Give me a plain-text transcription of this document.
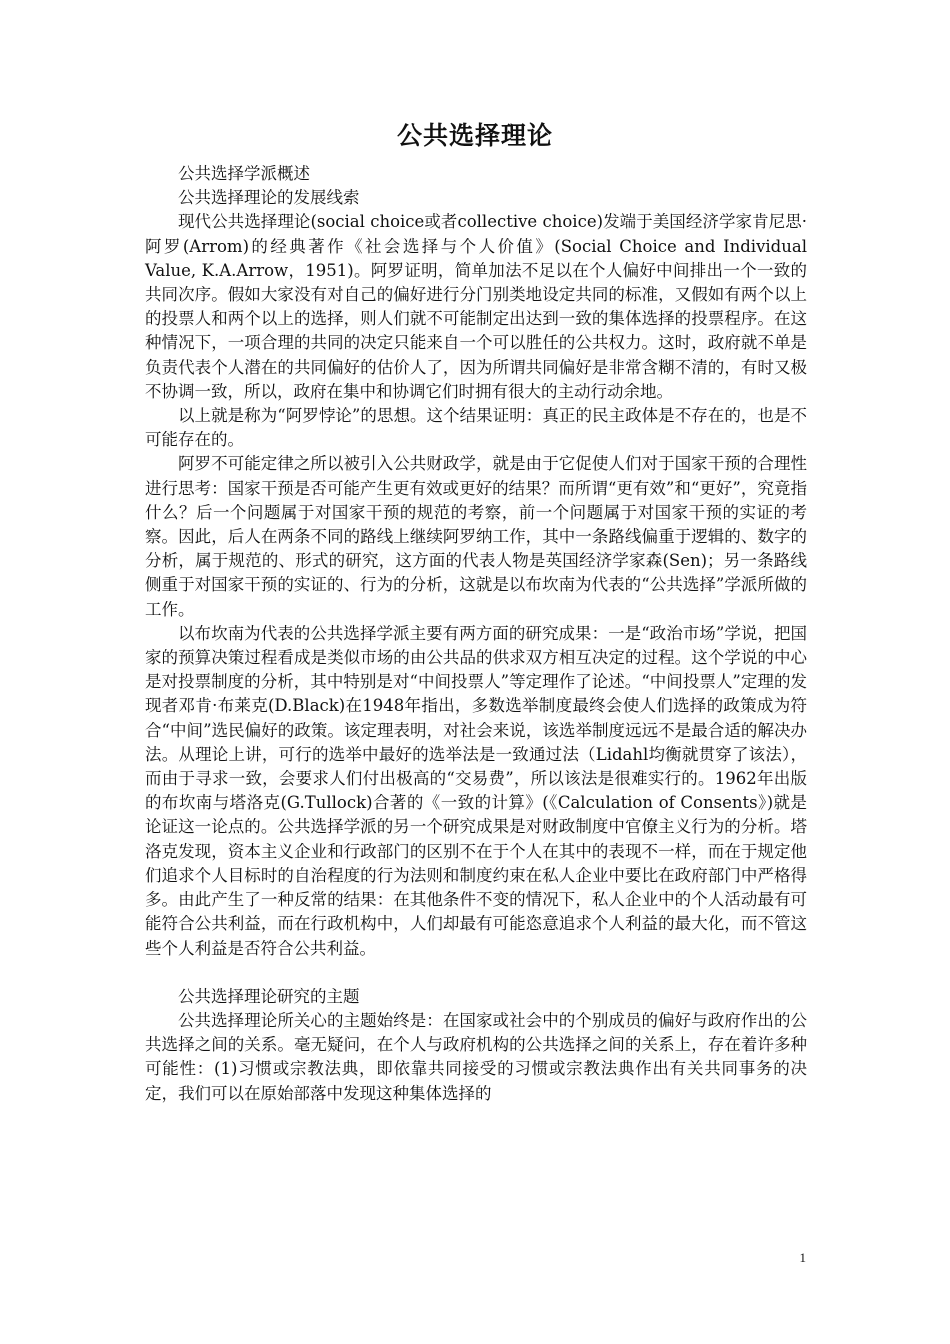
公共选择理论

公共选择学派概述

公共选择理论的发展线索

现代公共选择理论(social choice或者collective choice)发端于美国经济学家肯尼思·阿罗(Arrom)的经典著作《社会选择与个人价值》(Social Choice and Individual Value, K.A.Arrow，1951)。阿罗证明，简单加法不足以在个人偏好中间排出一个一致的共同次序。假如大家没有对自己的偏好进行分门别类地设定共同的标准，又假如有两个以上的投票人和两个以上的选择，则人们就不可能制定出达到一致的集体选择的投票程序。在这种情况下，一项合理的共同的决定只能来自一个可以胜任的公共权力。这时，政府就不单是负责代表个人潜在的共同偏好的估价人了，因为所谓共同偏好是非常含糊不清的，有时又极不协调一致，所以，政府在集中和协调它们时拥有很大的主动行动余地。

以上就是称为“阿罗悖论”的思想。这个结果证明：真正的民主政体是不存在的，也是不可能存在的。

阿罗不可能定律之所以被引入公共财政学，就是由于它促使人们对于国家干预的合理性进行思考：国家干预是否可能产生更有效或更好的结果？而所谓“更有效”和“更好”，究竟指什么？后一个问题属于对国家干预的规范的考察，前一个问题属于对国家干预的实证的考察。因此，后人在两条不同的路线上继续阿罗纳工作，其中一条路线偏重于逻辑的、数字的分析，属于规范的、形式的研究，这方面的代表人物是英国经济学家森(Sen)；另一条路线侧重于对国家干预的实证的、行为的分析，这就是以布坎南为代表的“公共选择”学派所做的工作。

以布坎南为代表的公共选择学派主要有两方面的研究成果：一是“政治市场”学说，把国家的预算决策过程看成是类似市场的由公共品的供求双方相互决定的过程。这个学说的中心是对投票制度的分析，其中特别是对“中间投票人”等定理作了论述。“中间投票人”定理的发现者邓肯·布莱克(D.Black)在1948年指出，多数选举制度最终会使人们选择的政策成为符合“中间”选民偏好的政策。该定理表明，对社会来说，该选举制度远远不是最合适的解决办法。从理论上讲，可行的选举中最好的选举法是一致通过法（Lidahl均衡就贯穿了该法），而由于寻求一致，会要求人们付出极高的“交易费”，所以该法是很难实行的。1962年出版的布坎南与塔洛克(G.Tullock)合著的《一致的计算》(《Calculation of Consents》)就是论证这一论点的。公共选择学派的另一个研究成果是对财政制度中官僚主义行为的分析。塔洛克发现，资本主义企业和行政部门的区别不在于个人在其中的表现不一样，而在于规定他们追求个人目标时的自治程度的行为法则和制度约束在私人企业中要比在政府部门中严格得多。由此产生了一种反常的结果：在其他条件不变的情况下，私人企业中的个人活动最有可能符合公共利益，而在行政机构中，人们却最有可能恣意追求个人利益的最大化，而不管这些个人利益是否符合公共利益。

公共选择理论研究的主题

公共选择理论所关心的主题始终是：在国家或社会中的个别成员的偏好与政府作出的公共选择之间的关系。毫无疑问，在个人与政府机构的公共选择之间的关系上，存在着许多种可能性：(1)习惯或宗教法典，即依靠共同接受的习惯或宗教法典作出有关共同事务的决定，我们可以在原始部落中发现这种集体选择的

1
